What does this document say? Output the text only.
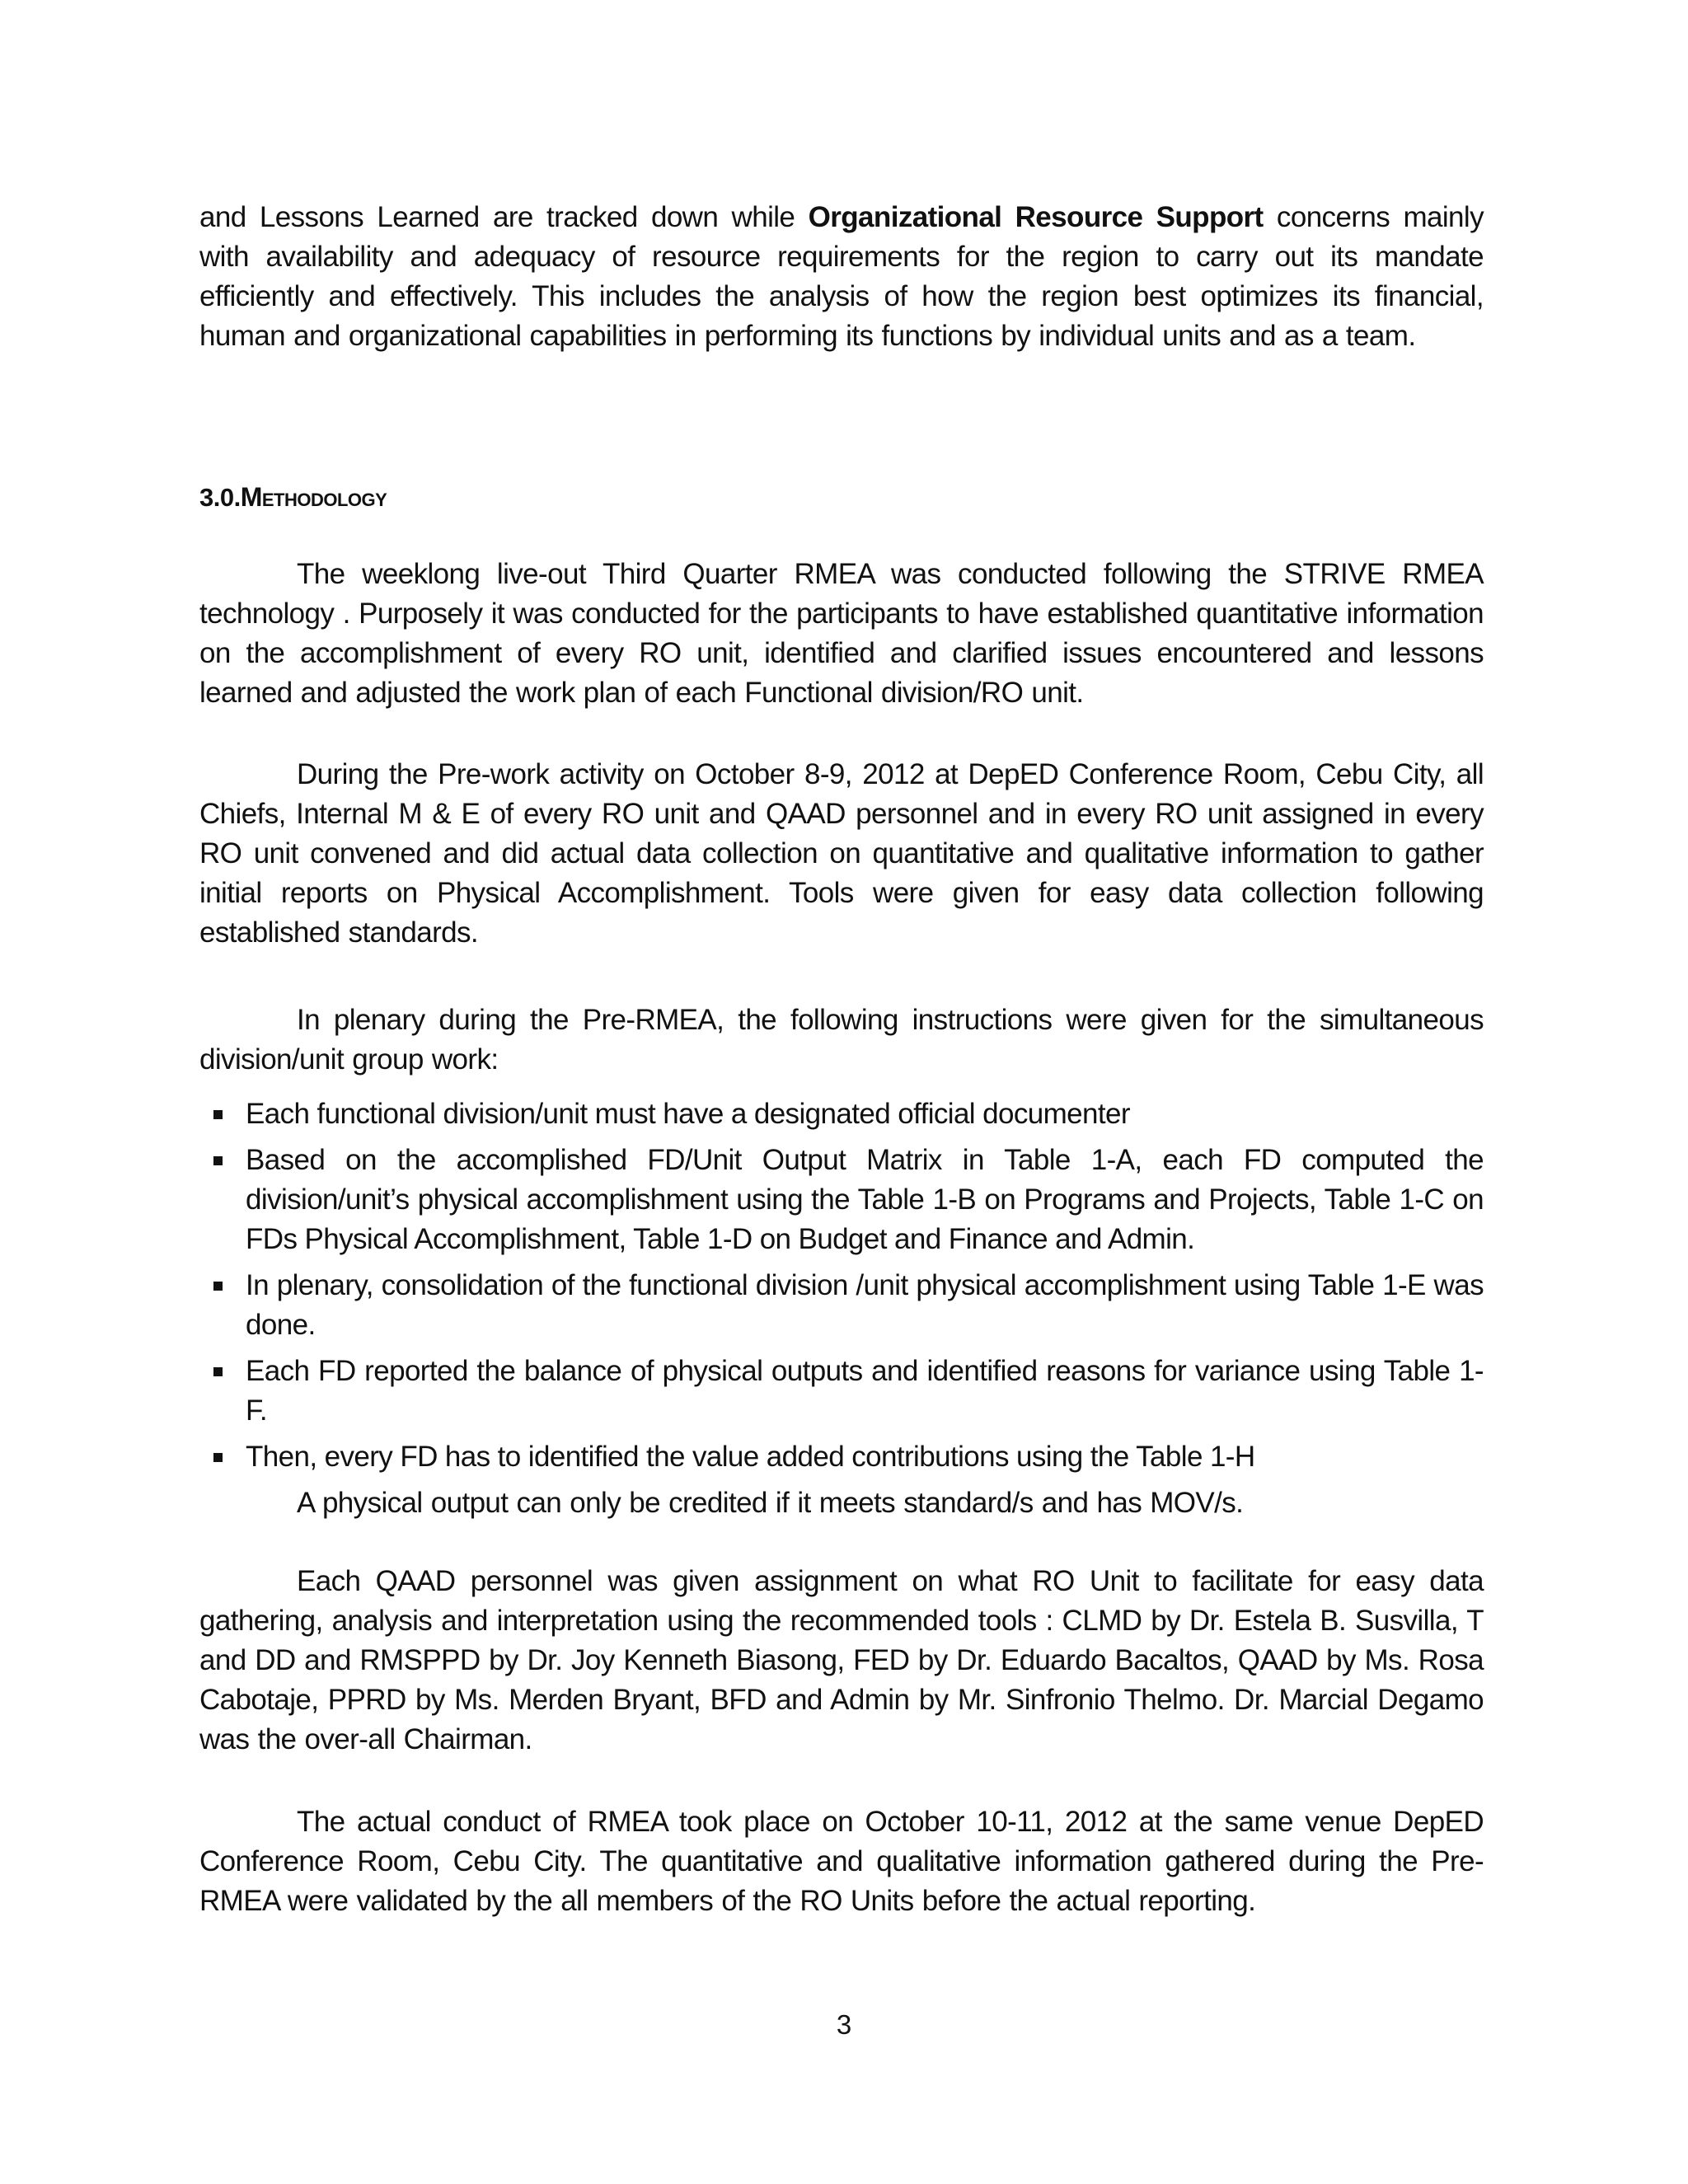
and Lessons Learned are tracked down while Organizational Resource Support concerns mainly with availability and adequacy of resource requirements for the region to carry out its mandate efficiently and effectively. This includes the analysis of how the region best optimizes its financial, human and organizational capabilities in performing its functions by individual units and as a team.

3.0.Methodology

The weeklong live-out Third Quarter RMEA was conducted following the STRIVE RMEA technology . Purposely it was conducted for the participants to have established quantitative information on the accomplishment of every RO unit, identified and clarified issues encountered and lessons learned and adjusted the work plan of each Functional division/RO unit.

During the Pre-work activity on October 8-9, 2012 at DepED Conference Room, Cebu City, all Chiefs, Internal M & E of every RO unit and QAAD personnel and in every RO unit assigned in every RO unit convened and did actual data collection on quantitative and qualitative information to gather initial reports on Physical Accomplishment. Tools were given for easy data collection following established standards.

In plenary during the Pre-RMEA, the following instructions were given for the simultaneous division/unit group work:

Each functional division/unit must have a designated official documenter
Based on the accomplished FD/Unit Output Matrix in Table 1-A, each FD computed the division/unit’s physical accomplishment using the Table 1-B on Programs and Projects, Table 1-C on FDs Physical Accomplishment, Table 1-D on Budget and Finance and Admin.
In plenary, consolidation of the functional division /unit physical accomplishment using Table 1-E was done.
Each FD reported the balance of physical outputs and identified reasons for variance using Table 1-F.
Then, every FD has to identified the value added contributions using the Table 1-H

A physical output can only be credited if it meets standard/s and has MOV/s.

Each QAAD personnel was given assignment on what RO Unit to facilitate for easy data gathering, analysis and interpretation using the recommended tools : CLMD by Dr. Estela B. Susvilla, T and DD and RMSPPD by Dr. Joy Kenneth Biasong, FED by Dr. Eduardo Bacaltos, QAAD by Ms. Rosa Cabotaje, PPRD by Ms. Merden Bryant, BFD and Admin by Mr. Sinfronio Thelmo. Dr. Marcial Degamo was the over-all Chairman.

The actual conduct of RMEA took place on October 10-11, 2012 at the same venue DepED Conference Room, Cebu City. The quantitative and qualitative information gathered during the Pre-RMEA were validated by the all members of the RO Units before the actual reporting.

3
